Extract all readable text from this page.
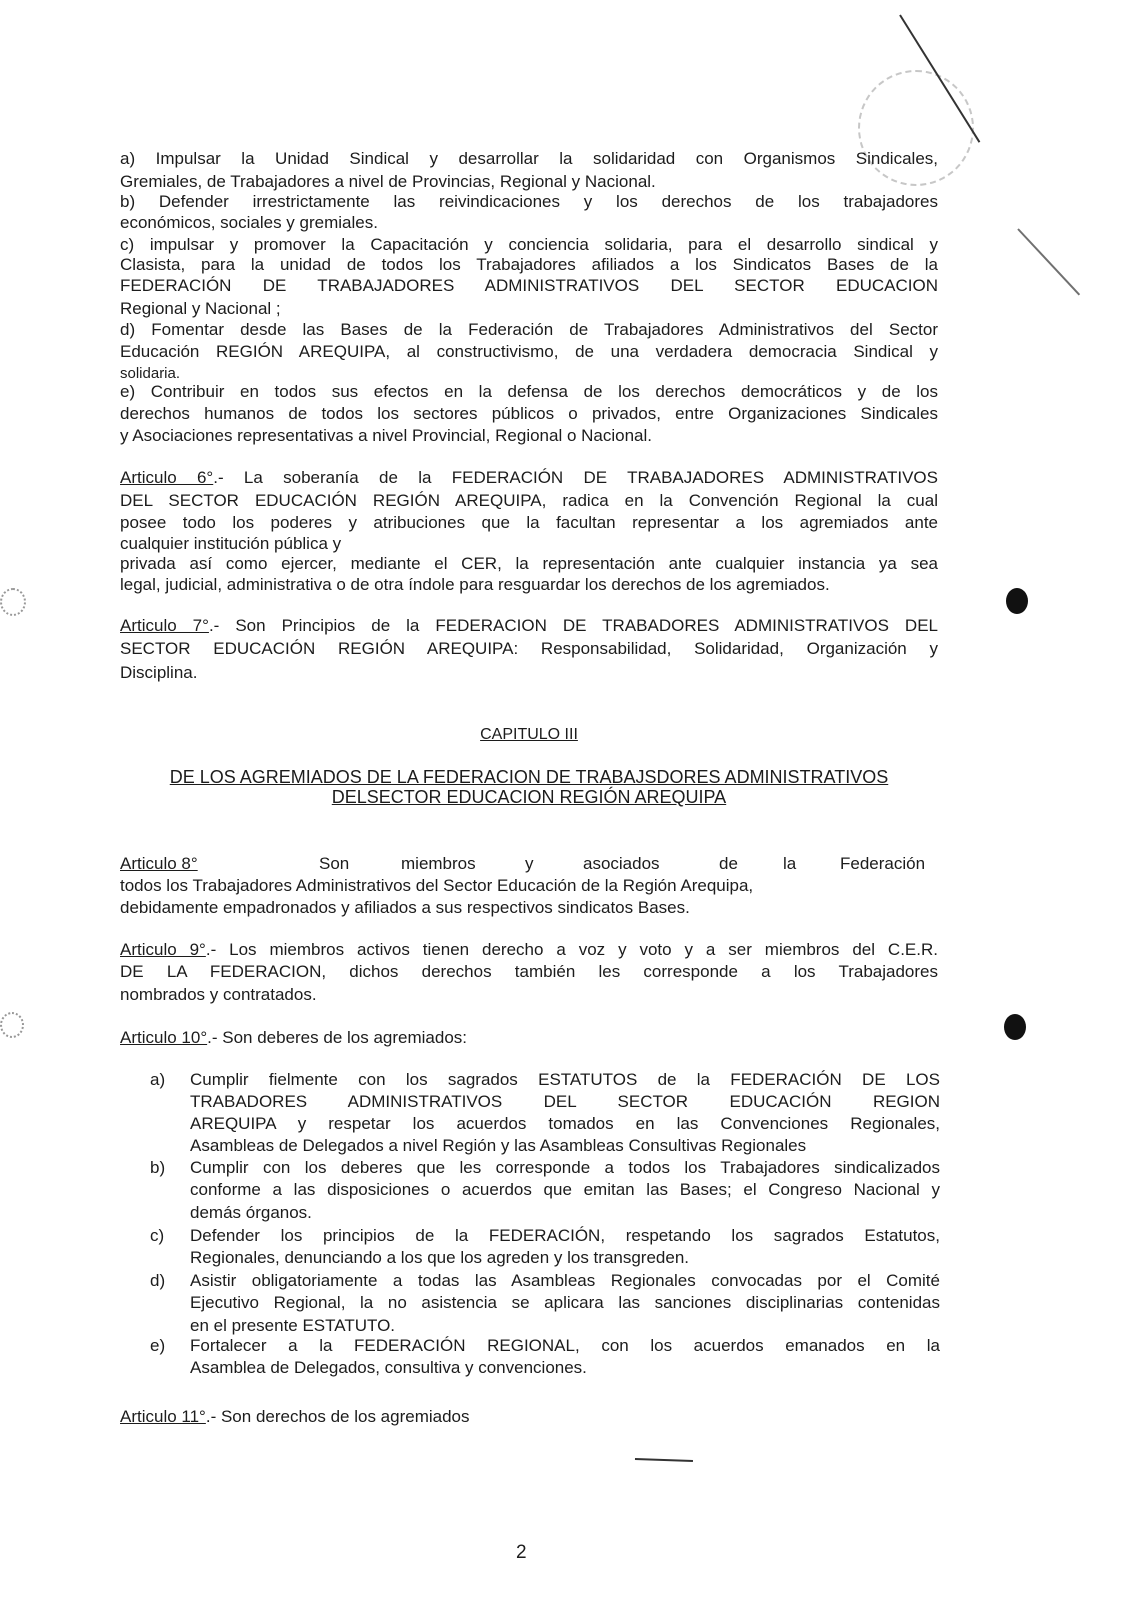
a) Impulsar la Unidad Sindical y desarrollar la solidaridad con Organismos Sindicales,

Gremiales, de Trabajadores a nivel de Provincias, Regional y Nacional.

b) Defender irrestrictamente las reivindicaciones y los derechos de los trabajadores

económicos, sociales y gremiales.

c) impulsar y promover la Capacitación y conciencia solidaria, para el desarrollo sindical y

Clasista, para la unidad de todos los Trabajadores afiliados a los Sindicatos Bases de la

FEDERACIÓN DE TRABAJADORES ADMINISTRATIVOS DEL SECTOR EDUCACION

Regional y Nacional ;

d) Fomentar desde las Bases de la Federación de Trabajadores Administrativos del Sector

Educación REGIÓN AREQUIPA, al constructivismo, de una verdadera democracia Sindical y

solidaria.

e) Contribuir en todos sus efectos en la defensa de los derechos democráticos y de los

derechos humanos de todos los sectores públicos o privados, entre Organizaciones Sindicales

y Asociaciones representativas a nivel Provincial, Regional o Nacional.

Articulo 6°.- La soberanía de la FEDERACIÓN DE TRABAJADORES ADMINISTRATIVOS

DEL SECTOR EDUCACIÓN REGIÓN AREQUIPA, radica en la Convención Regional la cual

posee todo los poderes y atribuciones que la facultan representar a los agremiados ante

cualquier institución pública y

privada así como ejercer, mediante el CER, la representación ante cualquier instancia ya sea

legal, judicial, administrativa o de otra índole para resguardar los derechos de los agremiados.

Articulo 7°.- Son Principios de la FEDERACION DE TRABADORES ADMINISTRATIVOS DEL

SECTOR EDUCACIÓN REGIÓN AREQUIPA: Responsabilidad, Solidaridad, Organización y

Disciplina.

CAPITULO III

DE LOS AGREMIADOS DE LA FEDERACION DE TRABAJSDORES ADMINISTRATIVOS

DELSECTOR EDUCACION REGIÓN AREQUIPA

Articulo 8°	Son	miembros	y	asociados	de	la	Federación

todos los Trabajadores Administrativos del Sector Educación de la Región Arequipa,

debidamente empadronados y afiliados a sus respectivos sindicatos Bases.

Articulo 9°.- Los miembros activos tienen derecho a voz y voto y a ser miembros del C.E.R.

DE LA FEDERACION, dichos derechos también les corresponde a los Trabajadores

nombrados y contratados.

Articulo 10°.- Son deberes de los agremiados:

a)	Cumplir fielmente con los sagrados ESTATUTOS de la FEDERACIÓN DE LOS
TRABADORES ADMINISTRATIVOS DEL SECTOR EDUCACIÓN REGION
AREQUIPA y respetar los acuerdos tomados en las Convenciones Regionales,
Asambleas de Delegados a nivel Región y las Asambleas Consultivas Regionales
b)	Cumplir con los deberes que les corresponde a todos los Trabajadores sindicalizados
conforme a las disposiciones o acuerdos que emitan las Bases; el Congreso Nacional y
demás órganos.
c)	Defender los principios de la FEDERACIÓN, respetando los sagrados Estatutos,
Regionales, denunciando a los que los agreden y los transgreden.
d)	Asistir obligatoriamente a todas las Asambleas Regionales convocadas por el Comité
Ejecutivo Regional, la no asistencia se aplicara las sanciones disciplinarias contenidas
en el presente ESTATUTO.
e)	Fortalecer a la FEDERACIÓN REGIONAL, con los acuerdos emanados en la
Asamblea de Delegados, consultiva y convenciones.

Articulo 11°.- Son derechos de los agremiados

2
